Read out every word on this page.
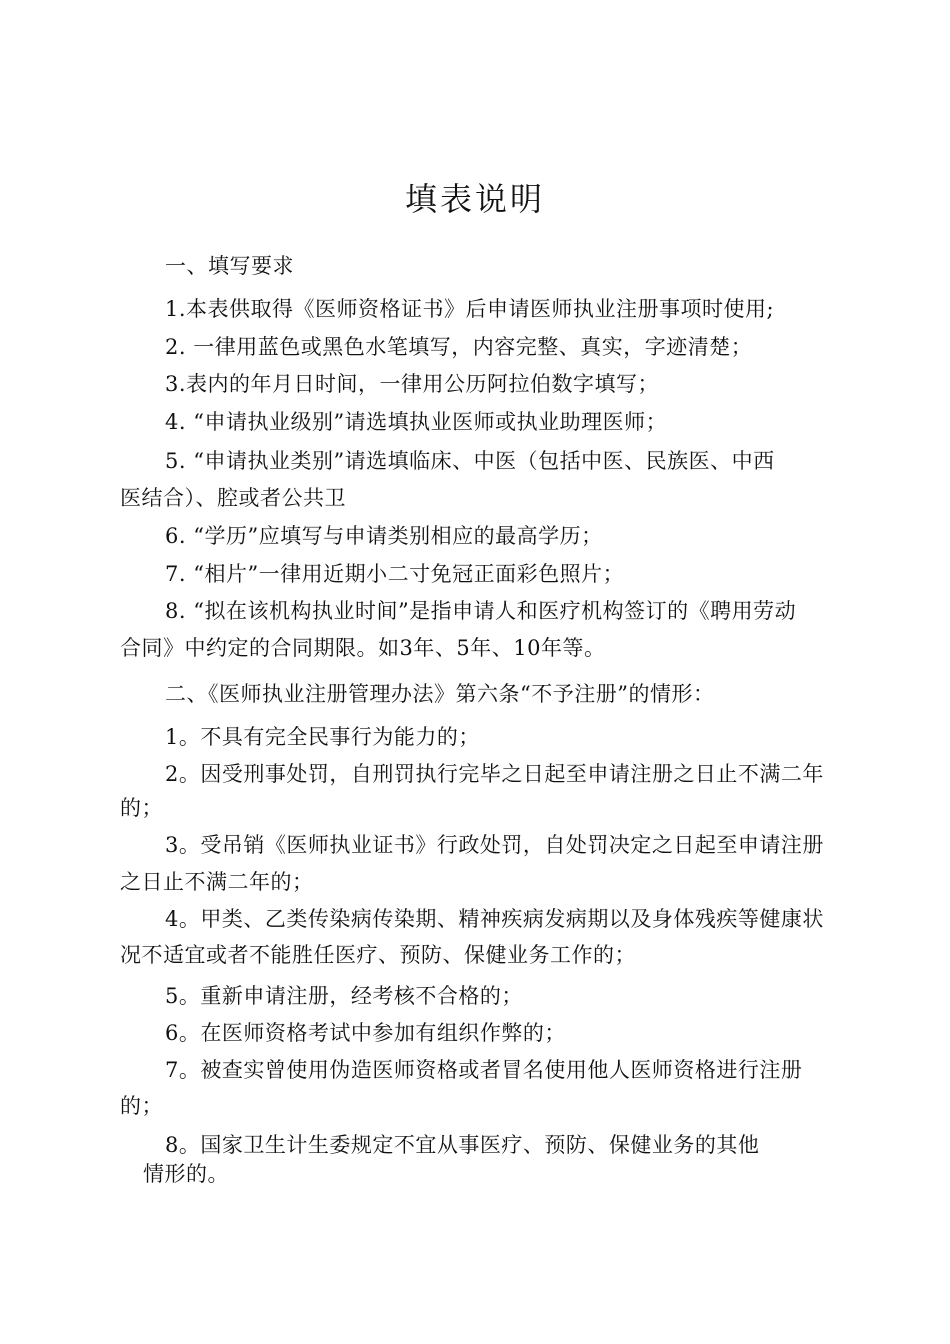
填表说明
一、填写要求
1.本表供取得《医师资格证书》后申请医师执业注册事项时使用;
2. 一律用蓝色或黑色水笔填写，内容完整、真实，字迹清楚；
3.表内的年月日时间，一律用公历阿拉伯数字填写；
4. “申请执业级别”请选填执业医师或执业助理医师；
5. “申请执业类别”请选填临床、中医（包括中医、民族医、中西
医结合）、腔或者公共卫
6. “学历”应填写与申请类别相应的最高学历；
7. “相片”一律用近期小二寸免冠正面彩色照片；
8. “拟在该机构执业时间”是指申请人和医疗机构签订的《聘用劳动
合同》中约定的合同期限。如3年、5年、10年等。
二、《医师执业注册管理办法》第六条“不予注册”的情形：
1。不具有完全民事行为能力的；
2。因受刑事处罚，自刑罚执行完毕之日起至申请注册之日止不满二年
的；
3。受吊销《医师执业证书》行政处罚，自处罚决定之日起至申请注册
之日止不满二年的；
4。甲类、乙类传染病传染期、精神疾病发病期以及身体残疾等健康状
况不适宜或者不能胜任医疗、预防、保健业务工作的；
5。重新申请注册，经考核不合格的；
6。在医师资格考试中参加有组织作弊的；
7。被查实曾使用伪造医师资格或者冒名使用他人医师资格进行注册
的；
8。国家卫生计生委规定不宜从事医疗、预防、保健业务的其他
情形的。
